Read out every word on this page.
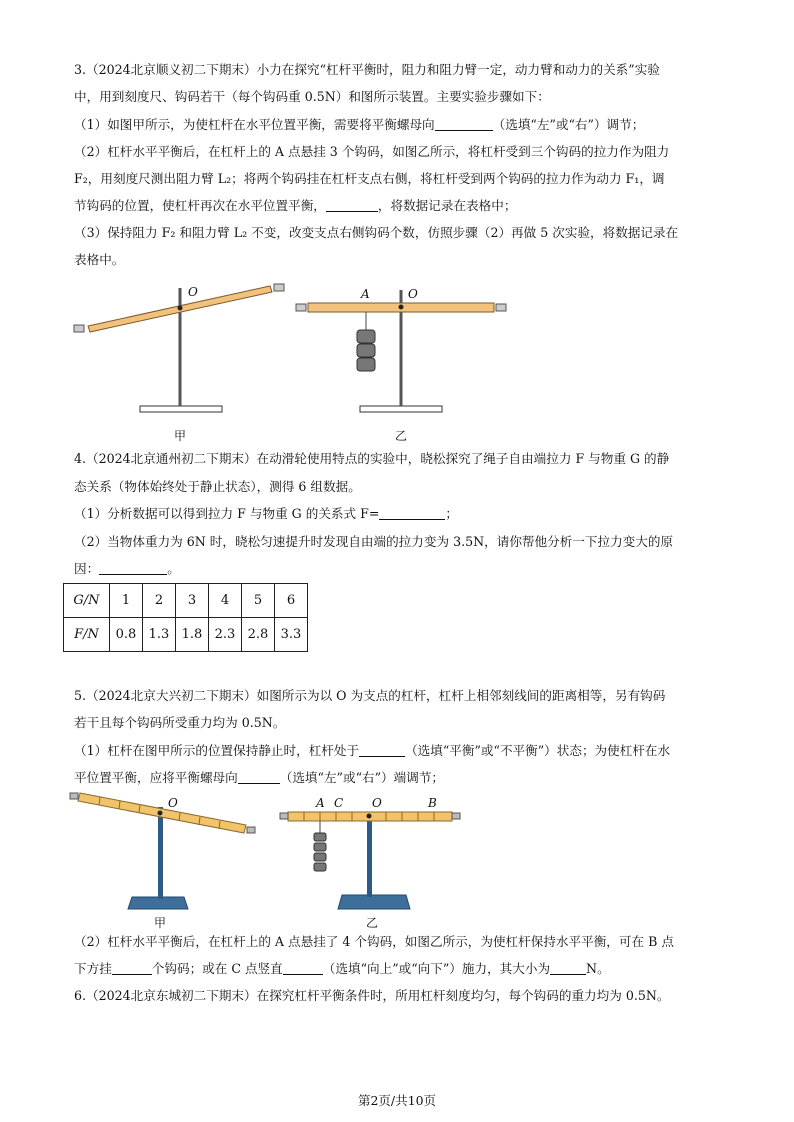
3.（2024北京顺义初二下期末）小力在探究“杠杆平衡时，阻力和阻力臂一定，动力臂和动力的关系”实验
中，用到刻度尺、钩码若干（每个钩码重 0.5N）和图所示装置。主要实验步骤如下：
（1）如图甲所示，为使杠杆在水平位置平衡，需要将平衡螺母向	（选填“左”或“右”）调节；
（2）杠杆水平平衡后，在杠杆上的 A 点悬挂 3 个钩码，如图乙所示，将杠杆受到三个钩码的拉力作为阻力
F₂，用刻度尺测出阻力臂 L₂；将两个钩码挂在杠杆支点右侧，将杠杆受到两个钩码的拉力作为动力 F₁，调
节钩码的位置，使杠杆再次在水平位置平衡，	，将数据记录在表格中；
（3）保持阻力 F₂ 和阻力臂 L₂ 不变，改变支点右侧钩码个数，仿照步骤（2）再做 5 次实验，将数据记录在
表格中。
O
甲
A	O
乙
4.（2024北京通州初二下期末）在动滑轮使用特点的实验中，晓松探究了绳子自由端拉力 F 与物重 G 的静
态关系（物体始终处于静止状态），测得 6 组数据。
（1）分析数据可以得到拉力 F 与物重 G 的关系式 F=	；
（2）当物体重力为 6N 时，晓松匀速提升时发现自由端的拉力变为 3.5N，请你帮他分析一下拉力变大的原
因：	。
G/N	1	2	3	4	5	6
F/N	0.8	1.3	1.8	2.3	2.8	3.3
5.（2024北京大兴初二下期末）如图所示为以 O 为支点的杠杆，杠杆上相邻刻线间的距离相等，另有钩码
若干且每个钩码所受重力均为 0.5N。
（1）杠杆在图甲所示的位置保持静止时，杠杆处于	（选填“平衡”或“不平衡”）状态；为使杠杆在水
平位置平衡，应将平衡螺母向	（选填“左”或“右”）端调节；
O
甲
A C O	B
乙
（2）杠杆水平平衡后，在杠杆上的 A 点悬挂了 4 个钩码，如图乙所示，为使杠杆保持水平平衡，可在 B 点
下方挂	个钩码；或在 C 点竖直	（选填“向上”或“向下”）施力，其大小为	N。
6.（2024北京东城初二下期末）在探究杠杆平衡条件时，所用杠杆刻度均匀，每个钩码的重力均为 0.5N。
第2页/共10页
